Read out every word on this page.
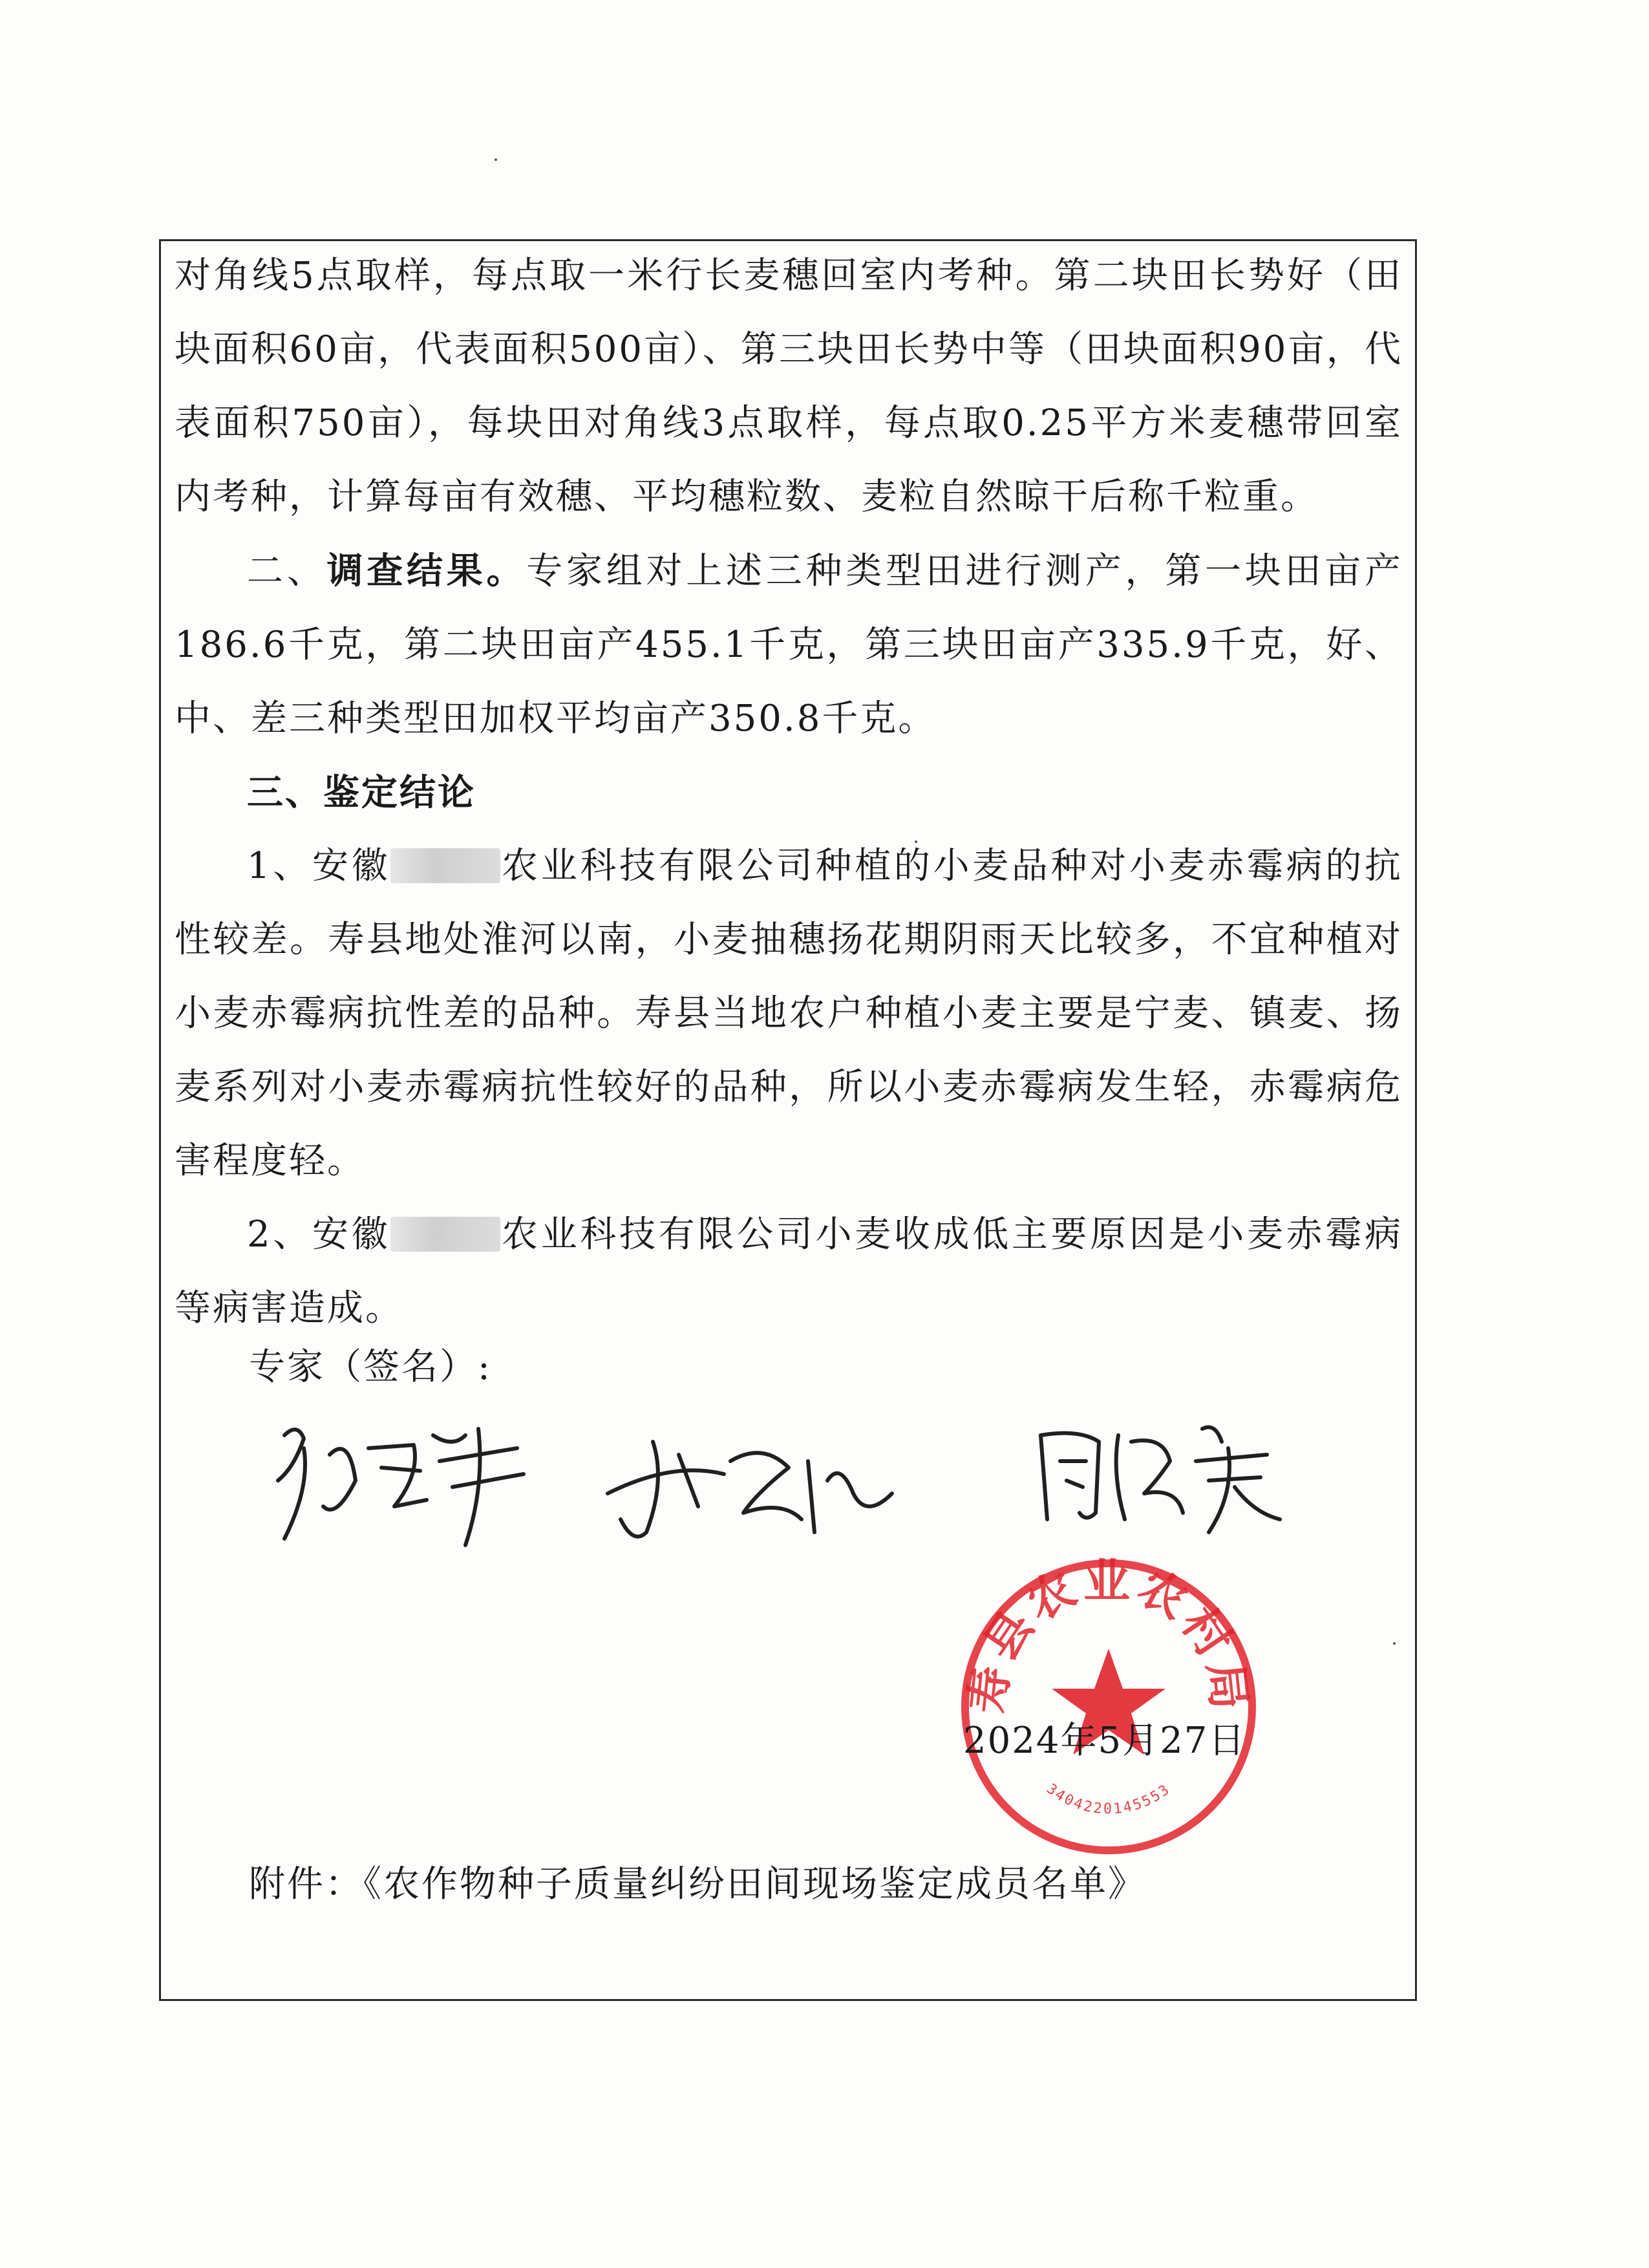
对角线5点取样，每点取一米行长麦穗回室内考种。第二块田长势好（田块面积60亩，代表面积500亩）、第三块田长势中等（田块面积90亩，代表面积750亩），每块田对角线3点取样，每点取0.25平方米麦穗带回室内考种，计算每亩有效穗、平均穗粒数、麦粒自然晾干后称千粒重。

二、调查结果。专家组对上述三种类型田进行测产，第一块田亩产186.6千克，第二块田亩产455.1千克，第三块田亩产335.9千克，好、中、差三种类型田加权平均亩产350.8千克。

三、鉴定结论

1、安徽	农业科技有限公司种植的小麦品种对小麦赤霉病的抗性较差。寿县地处淮河以南，小麦抽穗扬花期阴雨天比较多，不宜种植对小麦赤霉病抗性差的品种。寿县当地农户种植小麦主要是宁麦、镇麦、扬麦系列对小麦赤霉病抗性较好的品种，所以小麦赤霉病发生轻，赤霉病危害程度轻。

2、安徽	农业科技有限公司小麦收成低主要原因是小麦赤霉病等病害造成。

专家（签名）:
寿县农业农村局
3404220145553
2024年5月27日
附件：《农作物种子质量纠纷田间现场鉴定成员名单》
